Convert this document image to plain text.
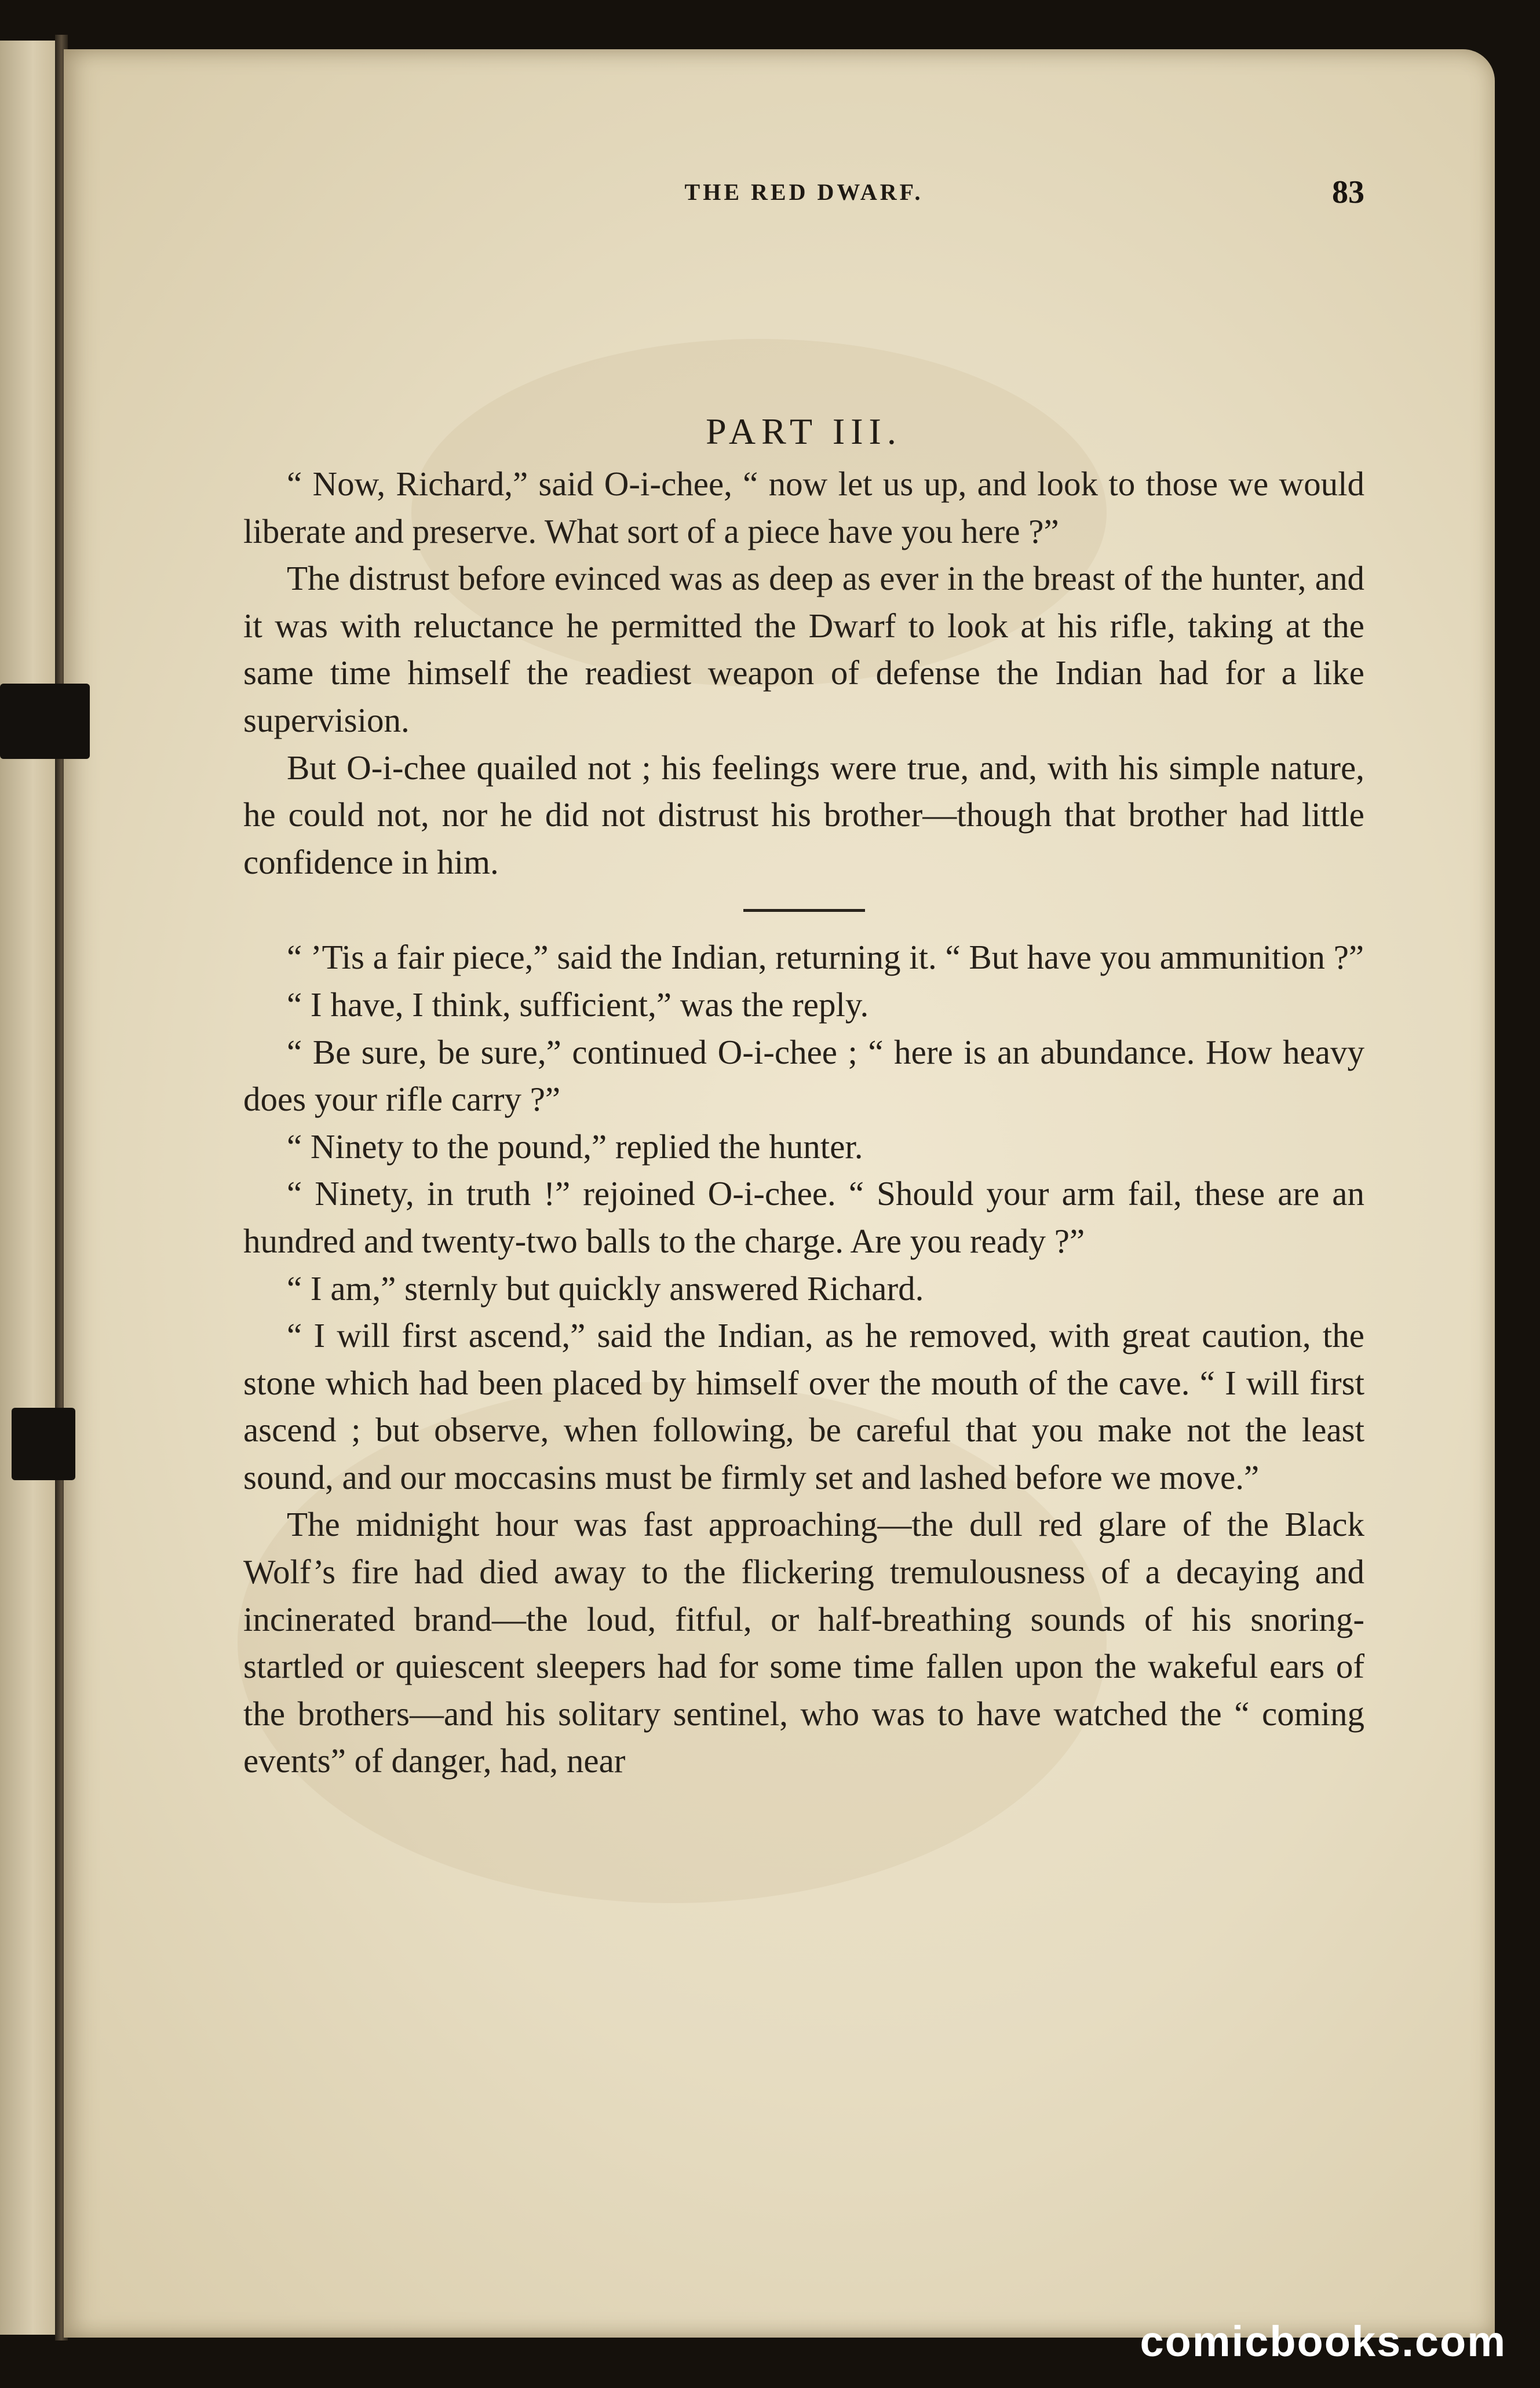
THE RED DWARF.	83
PART III.

“ Now, Richard,” said O-i-chee, “ now let us up, and look to those we would liberate and preserve. What sort of a piece have you here ?”

The distrust before evinced was as deep as ever in the breast of the hunter, and it was with reluctance he permitted the Dwarf to look at his rifle, taking at the same time himself the readiest weapon of defense the Indian had for a like supervision.

But O-i-chee quailed not ; his feelings were true, and, with his simple nature, he could not, nor he did not distrust his brother—though that brother had little confidence in him.

“ ’Tis a fair piece,” said the Indian, returning it. “ But have you ammunition ?”

“ I have, I think, sufficient,” was the reply.

“ Be sure, be sure,” continued O-i-chee ; “ here is an abundance. How heavy does your rifle carry ?”

“ Ninety to the pound,” replied the hunter.

“ Ninety, in truth !” rejoined O-i-chee. “ Should your arm fail, these are an hundred and twenty-two balls to the charge. Are you ready ?”

“ I am,” sternly but quickly answered Richard.

“ I will first ascend,” said the Indian, as he removed, with great caution, the stone which had been placed by himself over the mouth of the cave. “ I will first ascend ; but observe, when following, be careful that you make not the least sound, and our moccasins must be firmly set and lashed before we move.”

The midnight hour was fast approaching—the dull red glare of the Black Wolf’s fire had died away to the flickering tremulousness of a decaying and incinerated brand—the loud, fitful, or half-breathing sounds of his snoring-startled or quiescent sleepers had for some time fallen upon the wakeful ears of the brothers—and his solitary sentinel, who was to have watched the “ coming events” of danger, had, near

comicbooks.com
